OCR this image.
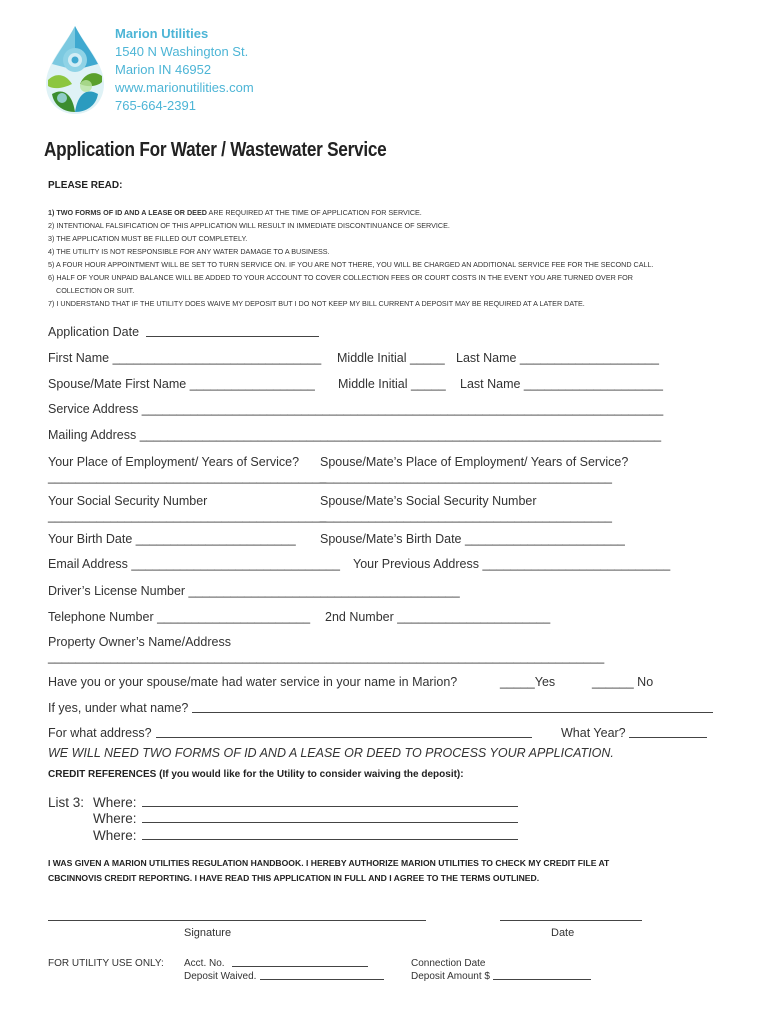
Marion Utilities
1540 N Washington St.
Marion IN 46952
www.marionutilities.com
765-664-2391
Application For Water / Wastewater Service
PLEASE READ:
1) TWO FORMS OF ID AND A LEASE OR DEED ARE REQUIRED AT THE TIME OF APPLICATION FOR SERVICE.
2) INTENTIONAL FALSIFICATION OF THIS APPLICATION WILL RESULT IN IMMEDIATE DISCONTINUANCE OF SERVICE.
3) THE APPLICATION MUST BE FILLED OUT COMPLETELY.
4) THE UTILITY IS NOT RESPONSIBLE FOR ANY WATER DAMAGE TO A BUSINESS.
5) A FOUR HOUR APPOINTMENT WILL BE SET TO TURN SERVICE ON. IF YOU ARE NOT THERE, YOU WILL BE CHARGED AN ADDITIONAL SERVICE FEE FOR THE SECOND CALL.
6) HALF OF YOUR UNPAID BALANCE WILL BE ADDED TO YOUR ACCOUNT TO COVER COLLECTION FEES OR COURT COSTS IN THE EVENT YOU ARE TURNED OVER FOR
COLLECTION OR SUIT.
7) I UNDERSTAND THAT IF THE UTILITY DOES WAIVE MY DEPOSIT BUT I DO NOT KEEP MY BILL CURRENT A DEPOSIT MAY BE REQUIRED AT A LATER DATE.
Application Date
First Name ______________________________ Middle Initial _____ Last Name ____________________
Spouse/Mate First Name __________________ Middle Initial _____ Last Name ____________________
Service Address ___________________________________________________________________________
Mailing Address ___________________________________________________________________________
Your Place of Employment/ Years of Service? Spouse/Mate’s Place of Employment/ Years of Service?
________________________________________
__________________________________________
Your Social Security Number	Spouse/Mate’s Social Security Number
________________________________________
__________________________________________
Your Birth Date _______________________ Spouse/Mate’s Birth Date _______________________
Email Address ______________________________ Your Previous Address ___________________________
Driver’s License Number _______________________________________
Telephone Number ______________________ 2nd Number ______________________
Property Owner’s Name/Address
________________________________________________________________________________
Have you or your spouse/mate had water service in your name in Marion?	_____Yes	______ No
If yes, under what name?
For what address?	What Year?
WE WILL NEED TWO FORMS OF ID AND A LEASE OR DEED TO PROCESS YOUR APPLICATION.
CREDIT REFERENCES (If you would like for the Utility to consider waiving the deposit):
List 3: Where:
Where:
Where:
I WAS GIVEN A MARION UTILITIES REGULATION HANDBOOK. I HEREBY AUTHORIZE MARION UTILITIES TO CHECK MY CREDIT FILE AT
CBCINNOVIS CREDIT REPORTING. I HAVE READ THIS APPLICATION IN FULL AND I AGREE TO THE TERMS OUTLINED.
Signature	Date
FOR UTILITY USE ONLY: Acct. No.
Deposit Waived.
Connection Date
Deposit Amount $
